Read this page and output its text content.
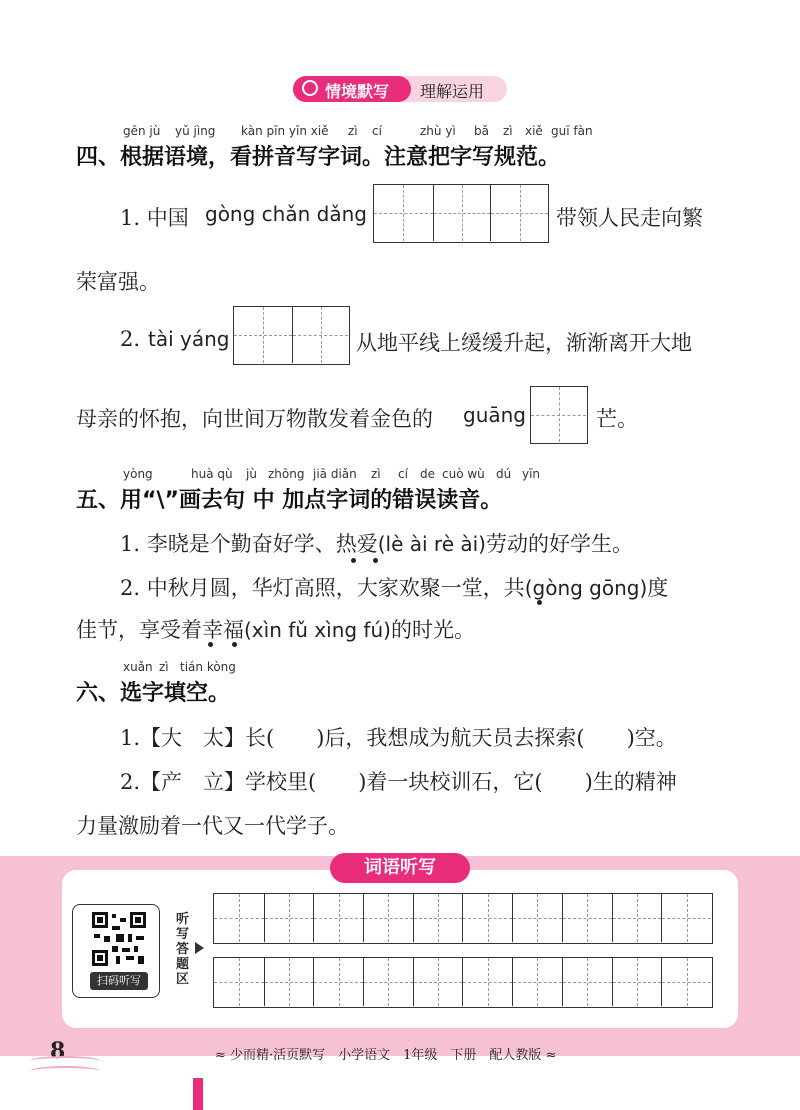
情境默写 理解运用
gēn jù yǔ jìng kàn pīn yīn xiě zì cí	zhù yì bǎ zì xiě guī fàn
四、根据语境，看拼音写字词。注意把字写规范。
1. 中国 gòng chǎn dǎng	带领人民走向繁
荣富强。
2. tài yáng	从地平线上缓缓升起，渐渐离开大地
母亲的怀抱，向世间万物散发着金色的 guāng	芒。
yòng	huà qù jù zhōng jiā diǎn zì cí de cuò wù dú yīn
五、用“\”画去句 中 加点字词的错误读音。
1. 李晓是个勤奋好学、热爱(lè ài rè ài)劳动的好学生。
2. 中秋月圆，华灯高照，大家欢聚一堂，共(gòng gōng)度
佳节，享受着幸福(xìn fǔ xìng fú)的时光。
xuǎn zì tián kòng
六、选字填空。
1.【大　太】长(　　)后，我想成为航天员去探索(　　)空。
2.【产　立】学校里(　　)着一块校训石，它(　　)生的精神
力量激励着一代又一代学子。
词语听写
扫码听写
听写答题区
8	≈ 少而精·活页默写　小学语文　1年级　下册　配人教版 ≈
